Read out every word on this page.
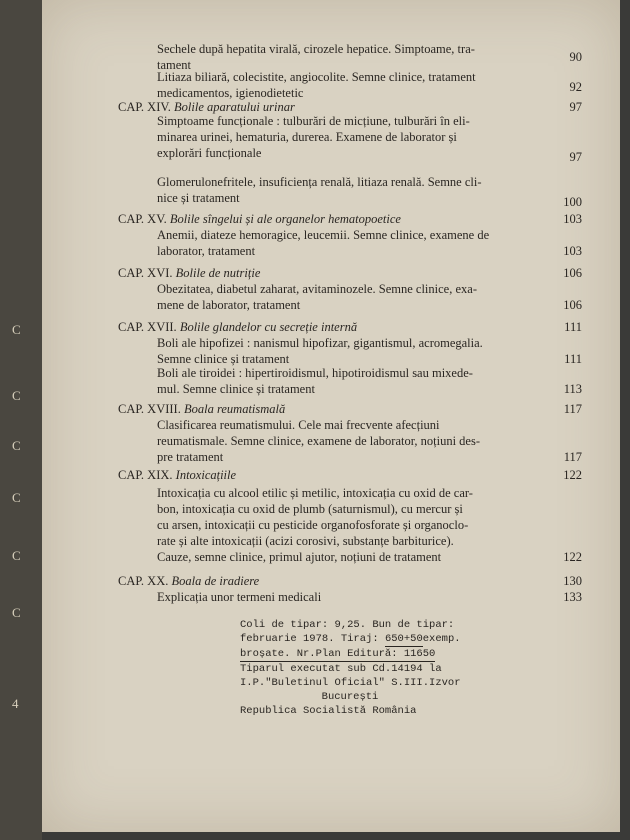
C
C
C
C
C
C
4
Sechele după hepatita virală, cirozele hepatice. Simptoame, tra-
tament
90
Litiaza biliară, colecistite, angiocolite. Semne clinice, tratament
medicamentos, igienodietetic	92
CAP. XIV. Bolile aparatului urinar	97
Simptoame funcționale : tulburări de micțiune, tulburări în eli-
minarea urinei, hematuria, durerea. Examene de laborator și
explorări funcționale	97
Glomerulonefritele, insuficiența renală, litiaza renală. Semne cli-
nice și tratament	100
CAP. XV. Bolile sîngelui și ale organelor hematopoetice	103
Anemii, diateze hemoragice, leucemii. Semne clinice, examene de
laborator, tratament	103
CAP. XVI. Bolile de nutriție	106
Obezitatea, diabetul zaharat, avitaminozele. Semne clinice, exa-
mene de laborator, tratament	106
CAP. XVII. Bolile glandelor cu secreție internă	111
Boli ale hipofizei : nanismul hipofizar, gigantismul, acromegalia.
Semne clinice și tratament	111
Boli ale tiroidei : hipertiroidismul, hipotiroidismul sau mixede-
mul. Semne clinice și tratament	113
CAP. XVIII. Boala reumatismală	117
Clasificarea reumatismului. Cele mai frecvente afecțiuni
reumatismale. Semne clinice, examene de laborator, noțiuni des-
pre tratament	117
CAP. XIX. Intoxicațiile	122
Intoxicația cu alcool etilic și metilic, intoxicația cu oxid de car-
bon, intoxicația cu oxid de plumb (saturnismul), cu mercur și
cu arsen, intoxicații cu pesticide organofosforate și organoclo-
rate și alte intoxicații (acizi corosivi, substanțe barbiturice).
Cauze, semne clinice, primul ajutor, noțiuni de tratament	122
CAP. XX. Boala de iradiere	130
Explicația unor termeni medicali	133
Coli de tipar: 9,25. Bun de tipar:
februarie 1978. Tiraj: 650+50exemp.
broșate. Nr.Plan Editură: 11650
Tiparul executat sub Cd.14194 la
I.P."Buletinul Oficial" S.III.Izvor
București
Republica Socialistă România
